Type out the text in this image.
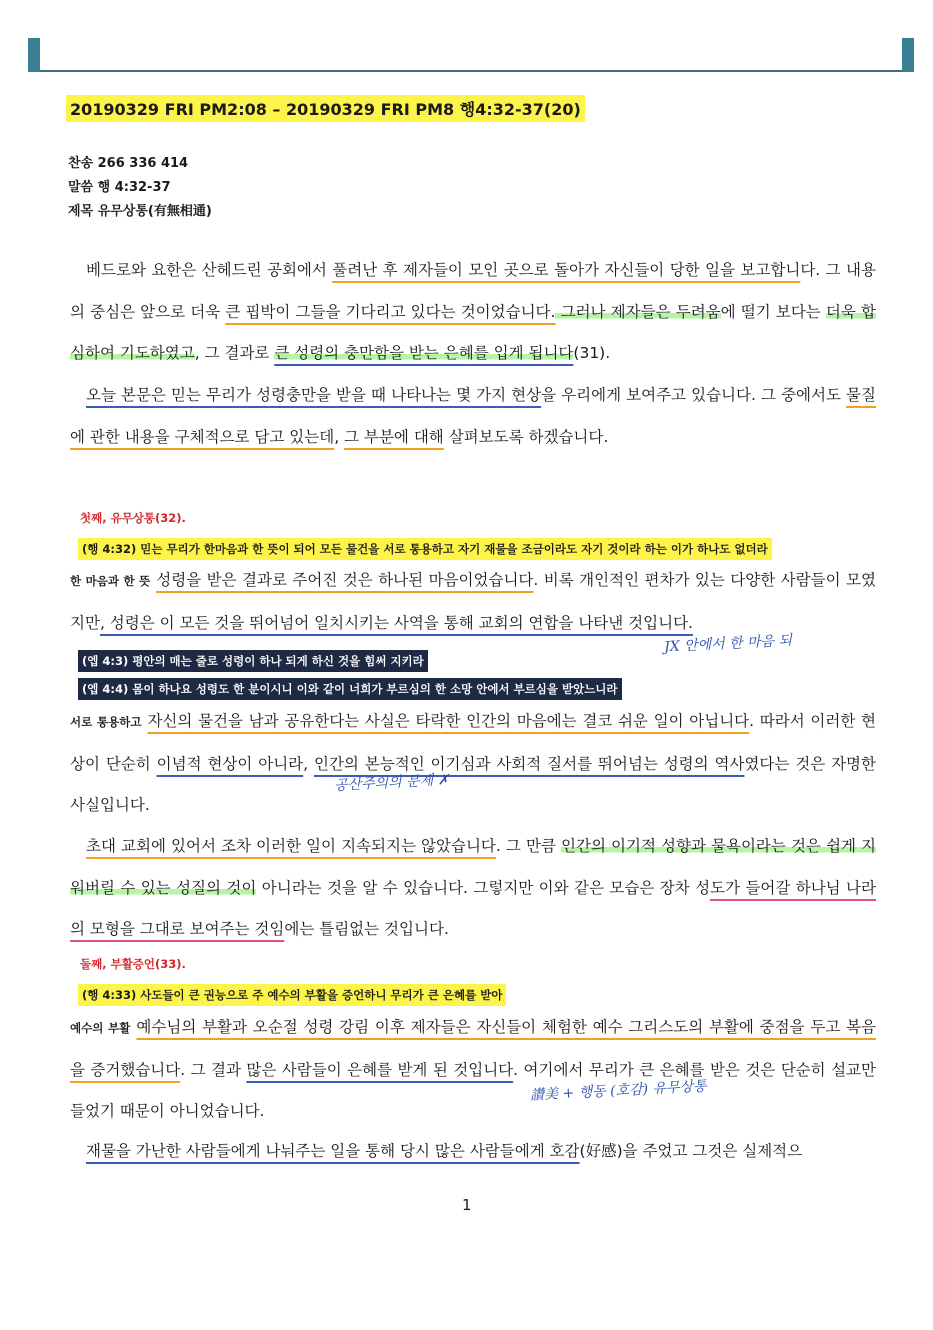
20190329 FRI PM2:08 – 20190329 FRI PM8 행4:32-37(20)
찬송 266 336 414
말씀 행 4:32-37
제목 유무상통(有無相通)
베드로와 요한은 산헤드린 공회에서 풀려난 후 제자들이 모인 곳으로 돌아가 자신들이 당한 일을 보고합니다. 그 내용의 중심은 앞으로 더욱 큰 핍박이 그들을 기다리고 있다는 것이었습니다. 그러나 제자들은 두려움에 떨기 보다는 더욱 합심하여 기도하였고, 그 결과로 큰 성령의 충만함을 받는 은혜를 입게 됩니다(31).
오늘 본문은 믿는 무리가 성령충만을 받을 때 나타나는 몇 가지 현상을 우리에게 보여주고 있습니다. 그 중에서도 물질에 관한 내용을 구체적으로 담고 있는데, 그 부분에 대해 살펴보도록 하겠습니다.
첫째, 유무상통(32).
(행 4:32) 믿는 무리가 한마음과 한 뜻이 되어 모든 물건을 서로 통용하고 자기 재물을 조금이라도 자기 것이라 하는 이가 하나도 없더라
한 마음과 한 뜻 성령을 받은 결과로 주어진 것은 하나된 마음이었습니다. 비록 개인적인 편차가 있는 다양한 사람들이 모였지만, 성령은 이 모든 것을 뛰어넘어 일치시키는 사역을 통해 교회의 연합을 나타낸 것입니다.
JX 안에서 한 마음 되
(엡 4:3) 평안의 매는 줄로 성령이 하나 되게 하신 것을 힘써 지키라
(엡 4:4) 몸이 하나요 성령도 한 분이시니 이와 같이 너희가 부르심의 한 소망 안에서 부르심을 받았느니라
서로 통용하고 자신의 물건을 남과 공유한다는 사실은 타락한 인간의 마음에는 결코 쉬운 일이 아닙니다. 따라서 이러한 현상이 단순히 이념적 현상이 아니라, 인간의 본능적인 이기심과 사회적 질서를 뛰어넘는 성령의 역사였다는 것은 자명한 사실입니다.
공산주의의 문제 ✗
초대 교회에 있어서 조차 이러한 일이 지속되지는 않았습니다. 그 만큼 인간의 이기적 성향과 물욕이라는 것은 쉽게 지워버릴 수 있는 성질의 것이 아니라는 것을 알 수 있습니다. 그렇지만 이와 같은 모습은 장차 성도가 들어갈 하나님 나라의 모형을 그대로 보여주는 것임에는 틀림없는 것입니다.
둘째, 부활증언(33).
(행 4:33) 사도들이 큰 권능으로 주 예수의 부활을 증언하니 무리가 큰 은혜를 받아
예수의 부활 예수님의 부활과 오순절 성령 강림 이후 제자들은 자신들이 체험한 예수 그리스도의 부활에 중점을 두고 복음을 증거했습니다. 그 결과 많은 사람들이 은혜를 받게 된 것입니다. 여기에서 무리가 큰 은혜를 받은 것은 단순히 설교만 들었기 때문이 아니었습니다.
讚美 + 행동 (호감) 유무상통
재물을 가난한 사람들에게 나눠주는 일을 통해 당시 많은 사람들에게 호감(好感)을 주었고 그것은 실제적으
1
